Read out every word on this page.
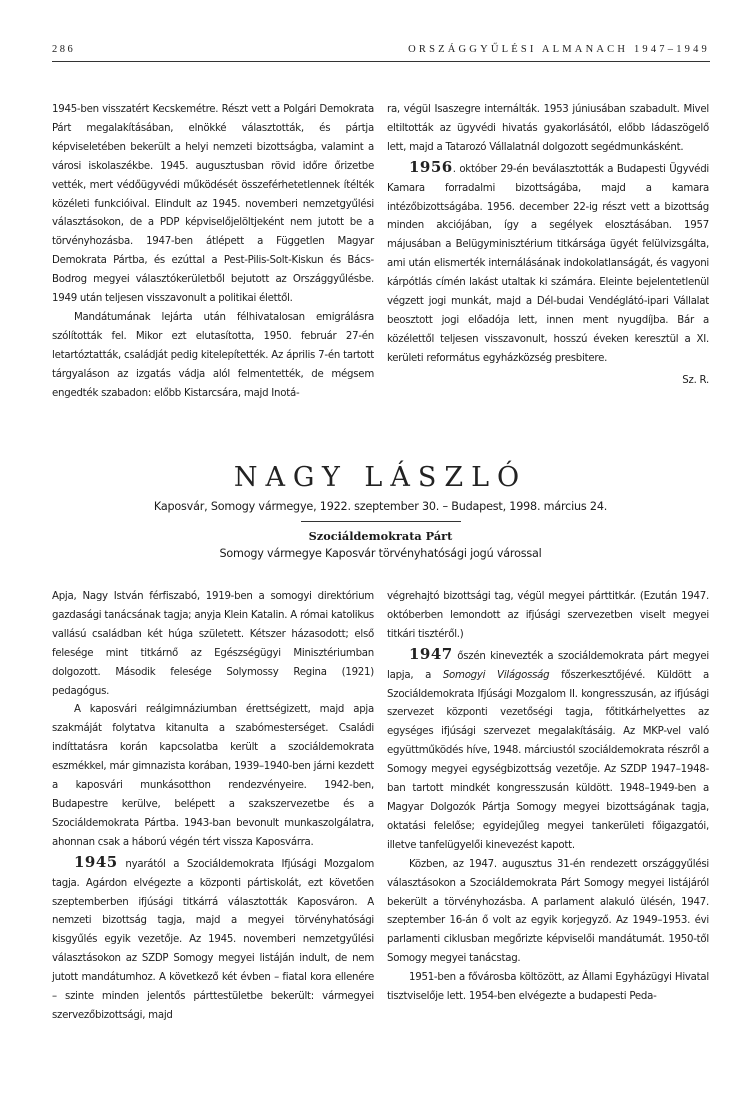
286	ORSZÁGGYŰLÉSI ALMANACH 1947–1949

1945-ben visszatért Kecskemétre. Részt vett a Polgári Demokrata Párt megalakításában, elnökké választották, és pártja képviseletében bekerült a helyi nemzeti bizottságba, valamint a városi iskolaszékbe. 1945. augusztusban rövid időre őrizetbe vették, mert védőügyvédi működését összeférhetetlennek ítélték közéleti funkcióival. Elindult az 1945. novemberi nemzetgyűlési választásokon, de a PDP képviselőjelöltjeként nem jutott be a törvényhozásba. 1947-ben átlépett a Független Magyar Demokrata Pártba, és ezúttal a Pest-Pilis-Solt-Kiskun és Bács-Bodrog megyei választókerületből bejutott az Országgyűlésbe. 1949 után teljesen visszavonult a politikai élettől.

Mandátumának lejárta után félhivatalosan emigrálásra szólították fel. Mikor ezt elutasította, 1950. február 27-én letartóztatták, családját pedig kitelepítették. Az április 7-én tartott tárgyaláson az izgatás vádja alól felmentették, de mégsem engedték szabadon: előbb Kistarcsára, majd Inotá-

ra, végül Isaszegre internálták. 1953 júniusában szabadult. Mivel eltiltották az ügyvédi hivatás gyakorlásától, előbb ládaszögelő lett, majd a Tatarozó Vállalatnál dolgozott segédmunkásként.

1956. október 29-én beválasztották a Budapesti Ügyvédi Kamara forradalmi bizottságába, majd a kamara intézőbizottságába. 1956. december 22-ig részt vett a bizottság minden akciójában, így a segélyek elosztásában. 1957 májusában a Belügyminisztérium titkársága ügyét felülvizsgálta, ami után elismerték internálásának indokolatlanságát, és vagyoni kárpótlás címén lakást utaltak ki számára. Eleinte bejelentetlenül végzett jogi munkát, majd a Dél-budai Vendéglátó-ipari Vállalat beosztott jogi előadója lett, innen ment nyugdíjba. Bár a közélettől teljesen visszavonult, hosszú éveken keresztül a XI. kerületi református egyházközség presbitere.

Sz. R.

NAGY LÁSZLÓ
Kaposvár, Somogy vármegye, 1922. szeptember 30. – Budapest, 1998. március 24.
Szociáldemokrata Párt
Somogy vármegye Kaposvár törvényhatósági jogú várossal

Apja, Nagy István férfiszabó, 1919-ben a somogyi direktórium gazdasági tanácsának tagja; anyja Klein Katalin. A római katolikus vallású családban két húga született. Kétszer házasodott; első felesége mint titkárnő az Egészségügyi Minisztériumban dolgozott. Második felesége Solymossy Regina (1921) pedagógus.

A kaposvári reálgimnáziumban érettségizett, majd apja szakmáját folytatva kitanulta a szabómesterséget. Családi indíttatásra korán kapcsolatba került a szociáldemokrata eszmékkel, már gimnazista korában, 1939–1940-ben járni kezdett a kaposvári munkásotthon rendezvényeire. 1942-ben, Budapestre kerülve, belépett a szakszervezetbe és a Szociáldemokrata Pártba. 1943-ban bevonult munkaszolgálatra, ahonnan csak a háború végén tért vissza Kaposvárra.

1945 nyarától a Szociáldemokrata Ifjúsági Mozgalom tagja. Agárdon elvégezte a központi pártiskolát, ezt követően szeptemberben ifjúsági titkárrá választották Kaposváron. A nemzeti bizottság tagja, majd a megyei törvényhatósági kisgyűlés egyik vezetője. Az 1945. novemberi nemzetgyűlési választásokon az SZDP Somogy megyei listáján indult, de nem jutott mandátumhoz. A következő két évben – fiatal kora ellenére – szinte minden jelentős párttestületbe bekerült: vármegyei szervezőbizottsági, majd

végrehajtó bizottsági tag, végül megyei párttitkár. (Ezután 1947. októberben lemondott az ifjúsági szervezetben viselt megyei titkári tisztéről.)

1947 őszén kinevezték a szociáldemokrata párt megyei lapja, a Somogyi Világosság főszerkesztőjévé. Küldött a Szociáldemokrata Ifjúsági Mozgalom II. kongresszusán, az ifjúsági szervezet központi vezetőségi tagja, főtitkárhelyettes az egységes ifjúsági szervezet megalakításáig. Az MKP-vel való együttműködés híve, 1948. márciustól szociáldemokrata részről a Somogy megyei egységbizottság vezetője. Az SZDP 1947–1948-ban tartott mindkét kongresszusán küldött. 1948–1949-ben a Magyar Dolgozók Pártja Somogy megyei bizottságának tagja, oktatási felelőse; egyidejűleg megyei tankerületi főigazgatói, illetve tanfelügyelői kinevezést kapott.

Közben, az 1947. augusztus 31-én rendezett országgyűlési választásokon a Szociáldemokrata Párt Somogy megyei listájáról bekerült a törvényhozásba. A parlament alakuló ülésén, 1947. szeptember 16-án ő volt az egyik korjegyző. Az 1949–1953. évi parlamenti ciklusban megőrizte képviselői mandátumát. 1950-től Somogy megyei tanácstag.

1951-ben a fővárosba költözött, az Állami Egyházügyi Hivatal tisztviselője lett. 1954-ben elvégezte a budapesti Peda-
